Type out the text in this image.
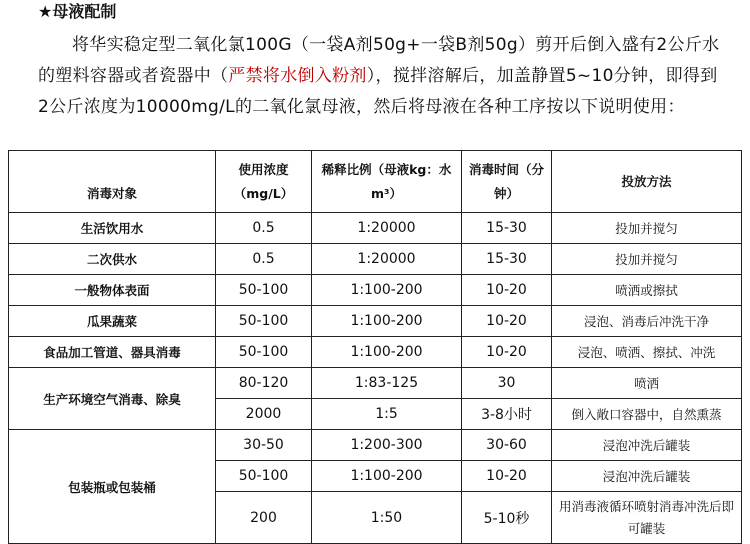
★母液配制
将华实稳定型二氧化氯100G（一袋A剂50g+一袋B剂50g）剪开后倒入盛有2公斤水的塑料容器或者瓷器中（严禁将水倒入粉剂），搅拌溶解后，加盖静置5~10分钟，即得到2公斤浓度为10000mg/L的二氧化氯母液，然后将母液在各种工序按以下说明使用：
消毒对象	使用浓度（mg/L）	稀释比例（母液kg：水m³）	消毒时间（分钟）	投放方法
生活饮用水	0.5	1:20000	15-30	投加并搅匀
二次供水	0.5	1:20000	15-30	投加并搅匀
一般物体表面	50-100	1:100-200	10-20	喷洒或擦拭
瓜果蔬菜	50-100	1:100-200	10-20	浸泡、消毒后冲洗干净
食品加工管道、器具消毒	50-100	1:100-200	10-20	浸泡、喷洒、擦拭、冲洗
生产环境空气消毒、除臭	80-120	1:83-125	30	喷洒
	2000	1:5	3-8小时	倒入敞口容器中，自然熏蒸
包装瓶或包装桶	30-50	1:200-300	30-60	浸泡冲洗后罐装
	50-100	1:100-200	10-20	浸泡冲洗后罐装
	200	1:50	5-10秒	用消毒液循环喷射消毒冲洗后即可罐装
